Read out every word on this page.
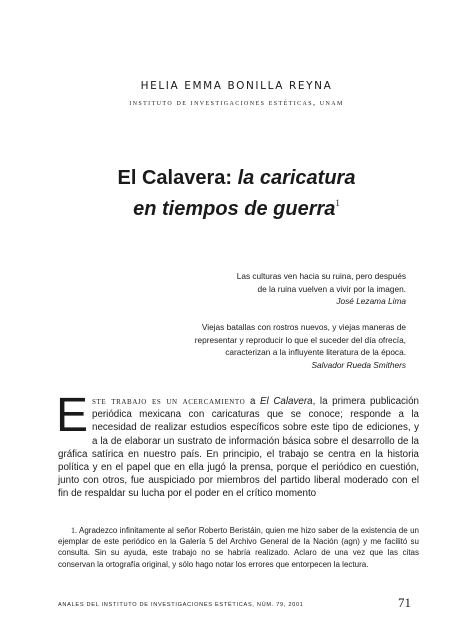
HELIA EMMA BONILLA REYNA
instituto de investigaciones estéticas, unam
El Calavera: la caricatura
en tiempos de guerra$^1$
Las culturas ven hacia su ruina, pero después
de la ruina vuelven a vivir por la imagen.
José Lezama Lima
Viejas batallas con rostros nuevos, y viejas maneras de
representar y reproducir lo que el suceder del día ofrecía,
caracterizan a la influyente literatura de la época.
Salvador Rueda Smithers
Este trabajo es un acercamiento a El Calavera, la primera publicación periódica mexicana con caricaturas que se conoce; responde a la necesidad de realizar estudios específicos sobre este tipo de ediciones, y a la de elaborar un sustrato de información básica sobre el desarrollo de la gráfica satírica en nuestro país. En principio, el trabajo se centra en la historia política y en el papel que en ella jugó la prensa, porque el periódico en cuestión, junto con otros, fue auspiciado por miembros del partido liberal moderado con el fin de respaldar su lucha por el poder en el crítico momento
1. Agradezco infinitamente al señor Roberto Beristáin, quien me hizo saber de la existencia de un ejemplar de este periódico en la Galería 5 del Archivo General de la Nación (agn) y me facilitó su consulta. Sin su ayuda, este trabajo no se habría realizado. Aclaro de una vez que las citas conservan la ortografía original, y sólo hago notar los errores que entorpecen la lectura.
ANALES DEL INSTITUTO DE INVESTIGACIONES ESTÉTICAS, NÚM. 79, 2001	71
